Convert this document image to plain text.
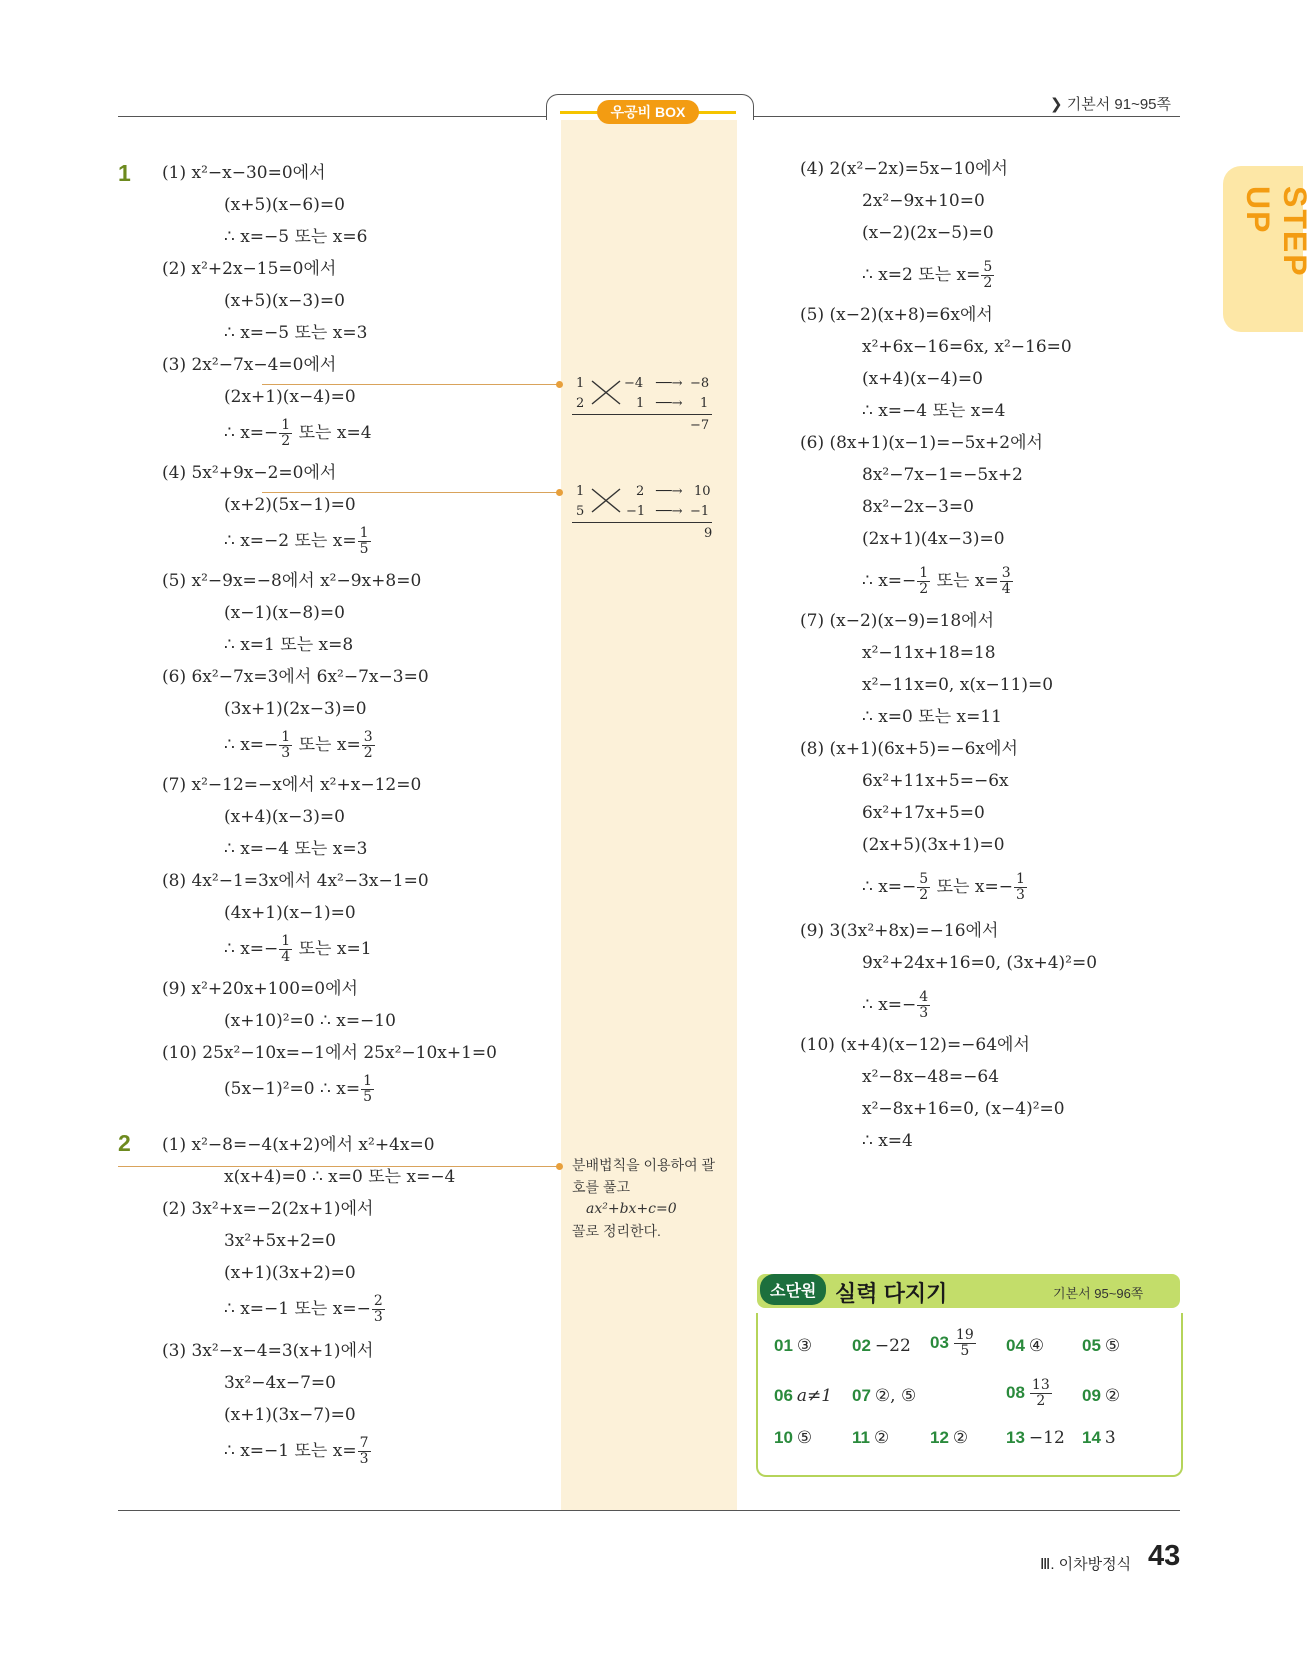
우공비 BOX	❯ 기본서 91~95쪽
STEP UP
1 (1) x²−x−30=0에서
(x+5)(x−6)=0
∴ x=−5 또는 x=6
(2) x²+2x−15=0에서
(x+5)(x−3)=0
∴ x=−5 또는 x=3
(3) 2x²−7x−4=0에서
(2x+1)(x−4)=0
∴ $x=- \frac{1}{2}$ 또는 x=4
(4) 5x²+9x−2=0에서
(x+2)(5x−1)=0
∴ x=−2 또는 $x= \frac{1}{5}$
(5) x²−9x=−8에서 x²−9x+8=0
(x−1)(x−8)=0
∴ x=1 또는 x=8
(6) 6x²−7x=3에서 6x²−7x−3=0
(3x+1)(2x−3)=0
∴ $x=- \frac{1}{3}$ 또는 $x= \frac{3}{2}$
(7) x²−12=−x에서 x²+x−12=0
(x+4)(x−3)=0
∴ x=−4 또는 x=3
(8) 4x²−1=3x에서 4x²−3x−1=0
(4x+1)(x−1)=0
∴ $x=- \frac{1}{4}$ 또는 x=1
(9) x²+20x+100=0에서
(x+10)²=0 ∴ x=−10
(10) 25x²−10x=−1에서 25x²−10x+1=0
(5x−1)²=0 ∴ $x= \frac{1}{5}$
2 (1) x²−8=−4(x+2)에서 x²+4x=0
x(x+4)=0 ∴ x=0 또는 x=−4
(2) 3x²+x=−2(2x+1)에서
3x²+5x+2=0
(x+1)(3x+2)=0
∴ x=−1 또는 $x=- \frac{2}{3}$
(3) 3x²−x−4=3(x+1)에서
3x²−4x−7=0
(x+1)(3x−7)=0
∴ x=−1 또는 $x= \frac{7}{3}$
1
2
−4
1
──→
──→
−8
1
−7
1
5
2
−1
──→
──→
10
−1
9
분배법칙을 이용하여 괄
호를 풀고
ax²+bx+c=0
꼴로 정리한다.
(4) 2(x²−2x)=5x−10에서
2x²−9x+10=0
(x−2)(2x−5)=0
∴ x=2 또는 $x= \frac{5}{2}$
(5) (x−2)(x+8)=6x에서
x²+6x−16=6x, x²−16=0
(x+4)(x−4)=0
∴ x=−4 또는 x=4
(6) (8x+1)(x−1)=−5x+2에서
8x²−7x−1=−5x+2
8x²−2x−3=0
(2x+1)(4x−3)=0
∴ $x=- \frac{1}{2}$ 또는 $x= \frac{3}{4}$
(7) (x−2)(x−9)=18에서
x²−11x+18=18
x²−11x=0, x(x−11)=0
∴ x=0 또는 x=11
(8) (x+1)(6x+5)=−6x에서
6x²+11x+5=−6x
6x²+17x+5=0
(2x+5)(3x+1)=0
∴ $x=- \frac{5}{2}$ 또는 $x=- \frac{1}{3}$
(9) 3(3x²+8x)=−16에서
9x²+24x+16=0, (3x+4)²=0
∴ $x=- \frac{4}{3}$
(10) (x+4)(x−12)=−64에서
x²−8x−48=−64
x²−8x+16=0, (x−4)²=0
∴ x=4
소단원 실력 다지기	기본서 95~96쪽
01 ③ 02 −22 $03 \frac{19}{5} 04$ ④ 05 ⑤
06 a≠1 07 ②, ⑤	$08 \frac{13}{2} 09$ ②
10 ⑤ 11 ② 12 ② 13 −12 14 3
Ⅲ. 이차방정식 43
